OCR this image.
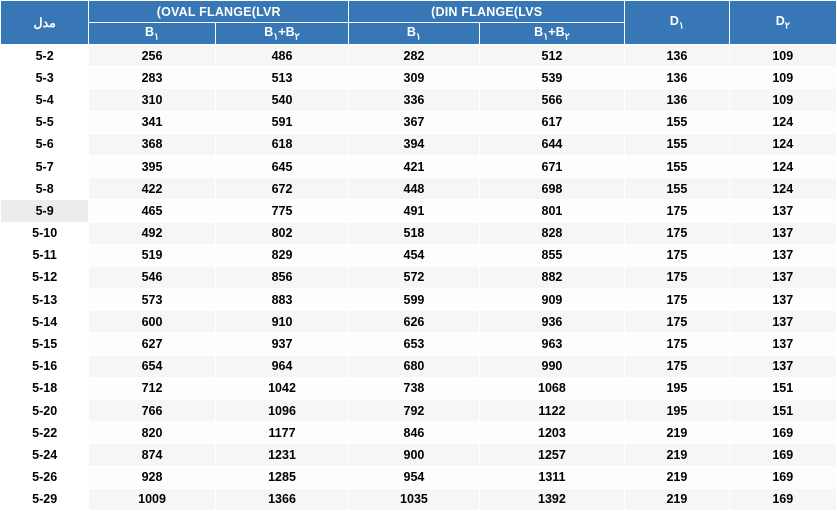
مدل	(OVAL FLANGE(LVR		(DIN FLANGE(LVS		$D_۱$	$D_۲$
	$B_۱$	$B_۱+B_۲$	$B_۱$	$B_۱+B_۲$
5-2	256	486	282	512	136	109
5-3	283	513	309	539	136	109
5-4	310	540	336	566	136	109
5-5	341	591	367	617	155	124
5-6	368	618	394	644	155	124
5-7	395	645	421	671	155	124
5-8	422	672	448	698	155	124
5-9	465	775	491	801	175	137
5-10	492	802	518	828	175	137
5-11	519	829	454	855	175	137
5-12	546	856	572	882	175	137
5-13	573	883	599	909	175	137
5-14	600	910	626	936	175	137
5-15	627	937	653	963	175	137
5-16	654	964	680	990	175	137
5-18	712	1042	738	1068	195	151
5-20	766	1096	792	1122	195	151
5-22	820	1177	846	1203	219	169
5-24	874	1231	900	1257	219	169
5-26	928	1285	954	1311	219	169
5-29	1009	1366	1035	1392	219	169
